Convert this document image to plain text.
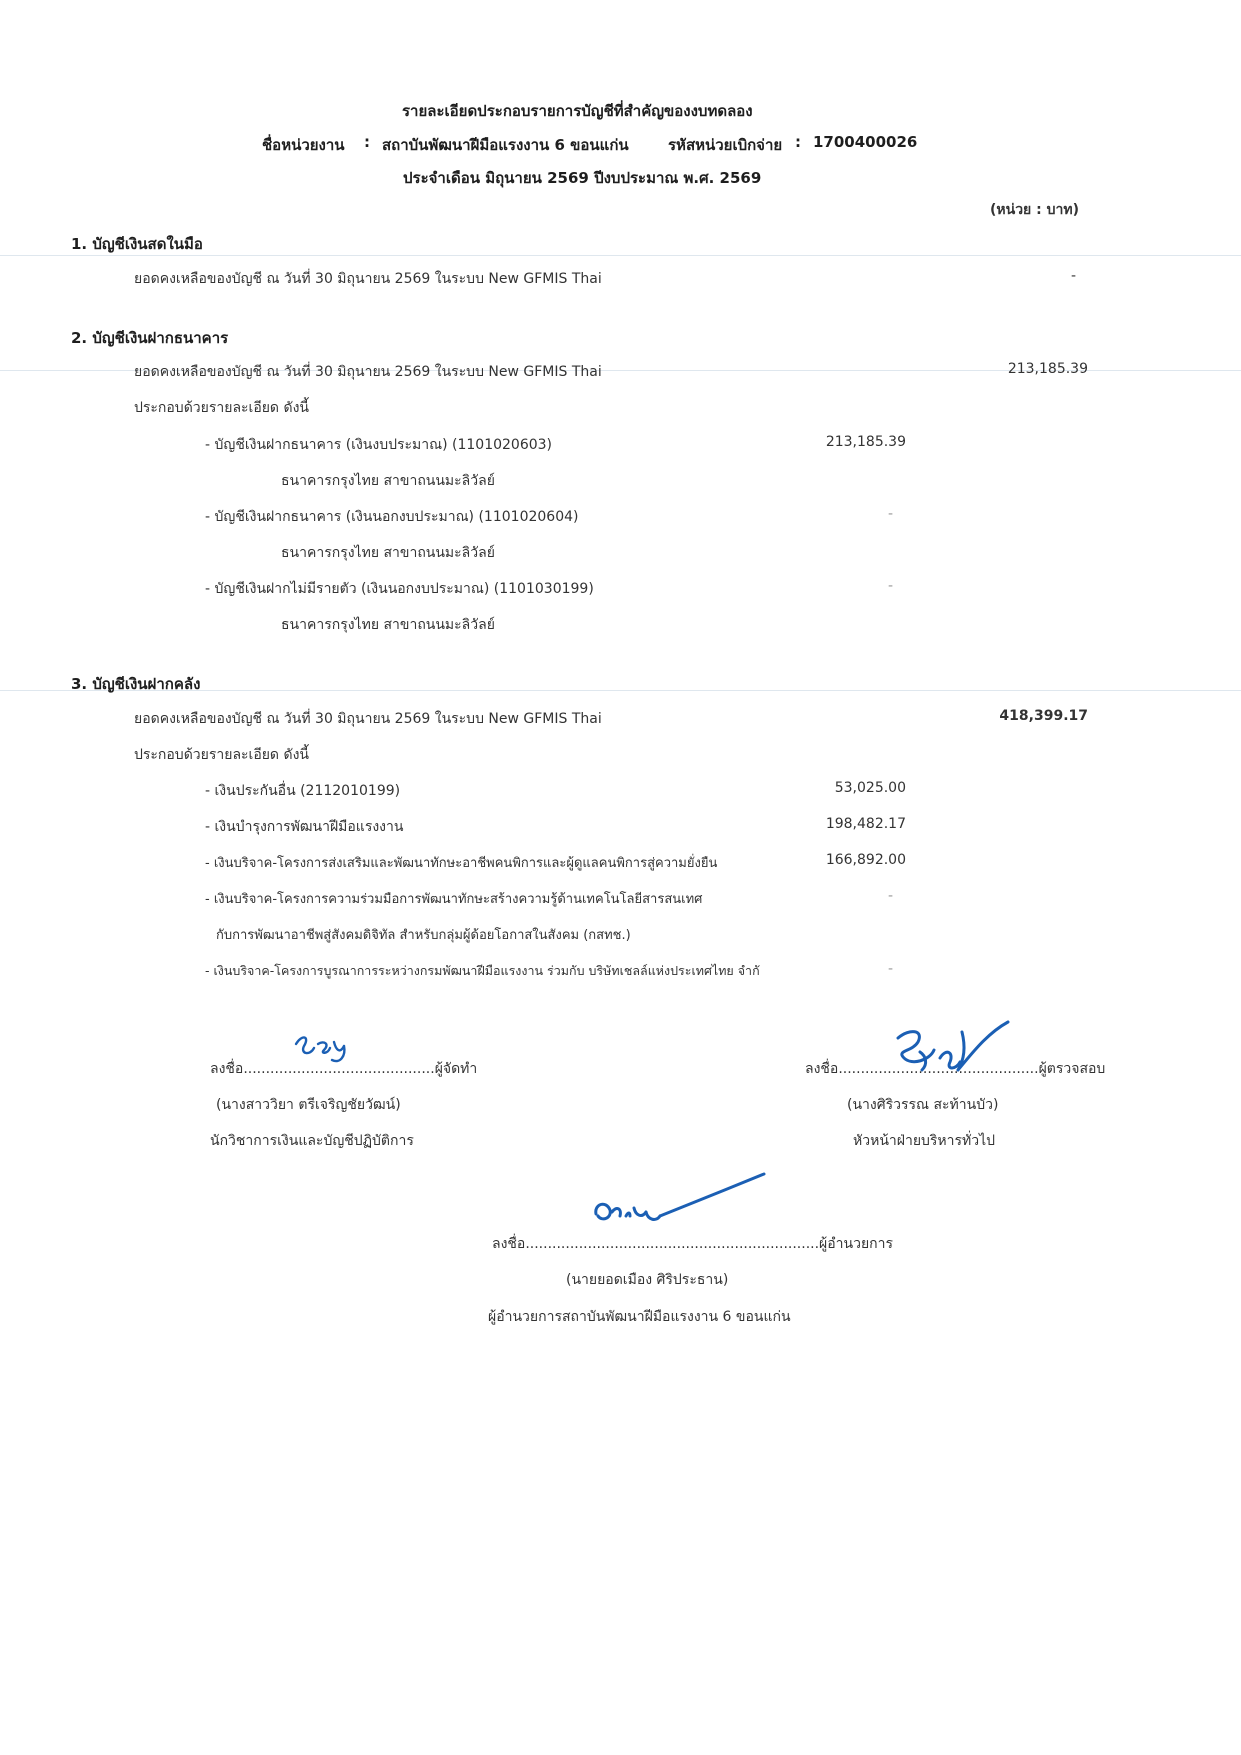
รายละเอียดประกอบรายการบัญชีที่สำคัญของงบทดลอง
ชื่อหน่วยงาน : สถาบันพัฒนาฝีมือแรงงาน 6 ขอนแก่น	รหัสหน่วยเบิกจ่าย : 1700400026
ประจำเดือน มิถุนายน 2569 ปีงบประมาณ พ.ศ. 2569
(หน่วย : บาท)
1. บัญชีเงินสดในมือ
ยอดคงเหลือของบัญชี ณ วันที่ 30 มิถุนายน 2569 ในระบบ New GFMIS Thai	-
2. บัญชีเงินฝากธนาคาร
ยอดคงเหลือของบัญชี ณ วันที่ 30 มิถุนายน 2569 ในระบบ New GFMIS Thai	213,185.39
ประกอบด้วยรายละเอียด ดังนี้
- บัญชีเงินฝากธนาคาร (เงินงบประมาณ) (1101020603)	213,185.39
ธนาคารกรุงไทย สาขาถนนมะลิวัลย์
- บัญชีเงินฝากธนาคาร (เงินนอกงบประมาณ) (1101020604)	-
ธนาคารกรุงไทย สาขาถนนมะลิวัลย์
- บัญชีเงินฝากไม่มีรายตัว (เงินนอกงบประมาณ) (1101030199)	-
ธนาคารกรุงไทย สาขาถนนมะลิวัลย์
3. บัญชีเงินฝากคลัง
ยอดคงเหลือของบัญชี ณ วันที่ 30 มิถุนายน 2569 ในระบบ New GFMIS Thai	418,399.17
ประกอบด้วยรายละเอียด ดังนี้
- เงินประกันอื่น (2112010199)	53,025.00
- เงินบำรุงการพัฒนาฝีมือแรงงาน	198,482.17
- เงินบริจาค-โครงการส่งเสริมและพัฒนาทักษะอาชีพคนพิการและผู้ดูแลคนพิการสู่ความยั่งยืน	166,892.00
- เงินบริจาค-โครงการความร่วมมือการพัฒนาทักษะสร้างความรู้ด้านเทคโนโลยีสารสนเทศ	-
กับการพัฒนาอาชีพสู่สังคมดิจิทัล สำหรับกลุ่มผู้ด้อยโอกาสในสังคม (กสทช.)
- เงินบริจาค-โครงการบูรณาการระหว่างกรมพัฒนาฝีมือแรงงาน ร่วมกับ บริษัทเชลล์แห่งประเทศไทย จำกั	-
ลงชื่อ...........................................ผู้จัดทำ
(นางสาววิยา ตรีเจริญชัยวัฒน์)
นักวิชาการเงินและบัญชีปฏิบัติการ
ลงชื่อ.............................................ผู้ตรวจสอบ
(นางศิริวรรณ สะท้านบัว)
หัวหน้าฝ่ายบริหารทั่วไป
ลงชื่อ..................................................................ผู้อำนวยการ
(นายยอดเมือง ศิริประธาน)
ผู้อำนวยการสถาบันพัฒนาฝีมือแรงงาน 6 ขอนแก่น
